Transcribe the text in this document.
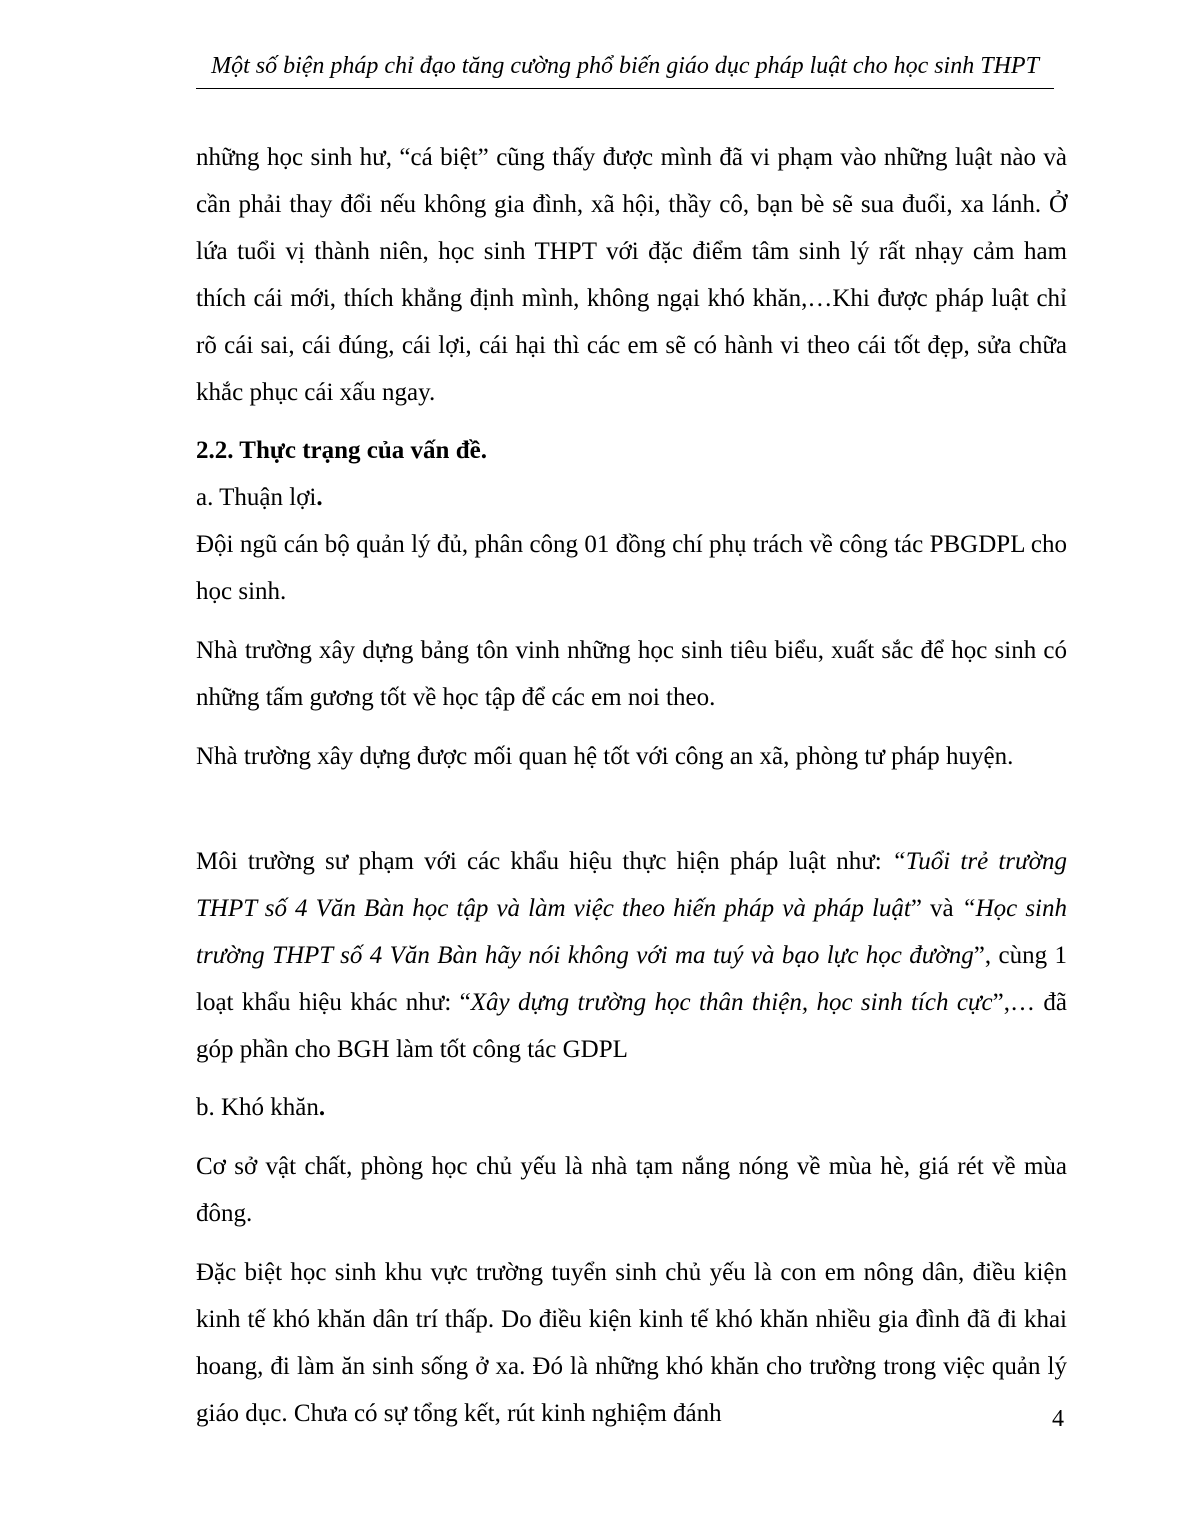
Một số biện pháp chỉ đạo tăng cường phổ biến giáo dục pháp luật cho học sinh THPT

những học sinh hư, “cá biệt” cũng thấy được mình đã vi phạm vào những luật nào và cần phải thay đổi nếu không gia đình, xã hội, thầy cô, bạn bè sẽ sua đuổi, xa lánh. Ở lứa tuổi vị thành niên, học sinh THPT với đặc điểm tâm sinh lý rất nhạy cảm ham thích cái mới, thích khẳng định mình, không ngại khó khăn,…Khi được pháp luật chỉ rõ cái sai, cái đúng, cái lợi, cái hại thì các em sẽ có hành vi theo cái tốt đẹp, sửa chữa khắc phục cái xấu ngay.

2.2. Thực trạng của vấn đề.
a. Thuận lợi.

Đội ngũ cán bộ quản lý đủ, phân công 01 đồng chí phụ trách về công tác PBGDPL cho học sinh.

Nhà trường xây dựng bảng tôn vinh những học sinh tiêu biểu, xuất sắc để học sinh có những tấm gương tốt về học tập để các em noi theo.

Nhà trường xây dựng được mối quan hệ tốt với công an xã, phòng tư pháp huyện.

Môi trường sư phạm với các khẩu hiệu thực hiện pháp luật như: “Tuổi trẻ trường THPT số 4 Văn Bàn học tập và làm việc theo hiến pháp và pháp luật” và “Học sinh trường THPT số 4 Văn Bàn hãy nói không với ma tuý và bạo lực học đường”, cùng 1 loạt khẩu hiệu khác như: “Xây dựng trường học thân thiện, học sinh tích cực”,… đã góp phần cho BGH làm tốt công tác GDPL

b. Khó khăn.

Cơ sở vật chất, phòng học chủ yếu là nhà tạm nắng nóng về mùa hè, giá rét về mùa đông.

Đặc biệt học sinh khu vực trường tuyển sinh chủ yếu là con em nông dân, điều kiện kinh tế khó khăn dân trí thấp. Do điều kiện kinh tế khó khăn nhiều gia đình đã đi khai hoang, đi làm ăn sinh sống ở xa. Đó là những khó khăn cho trường trong việc quản lý giáo dục. Chưa có sự tổng kết, rút kinh nghiệm đánh	4
